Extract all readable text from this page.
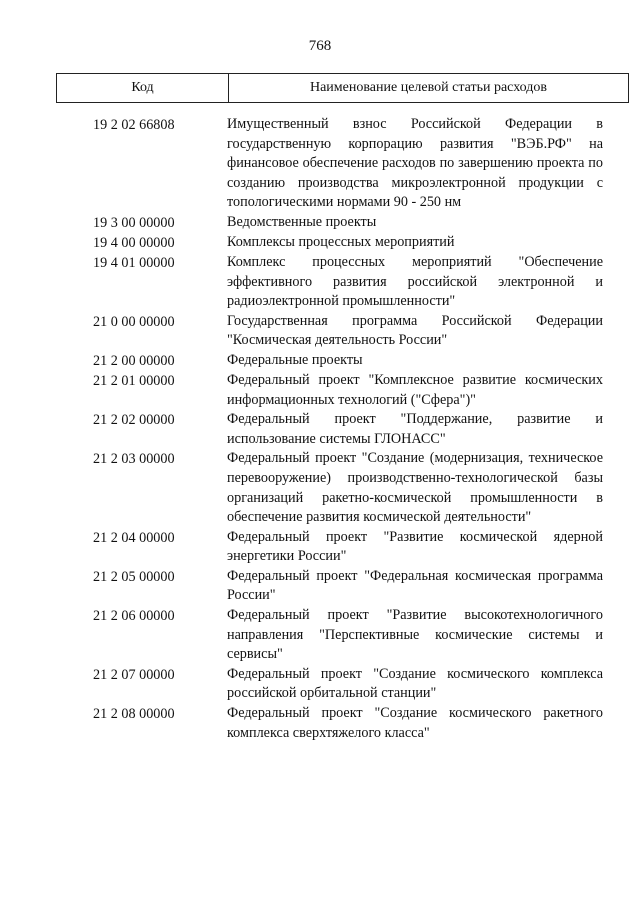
768
Код	Наименование целевой статьи расходов
19 2 02 66808	Имущественный взнос Российской Федерации в государственную корпорацию развития "ВЭБ.РФ" на финансовое обеспечение расходов по завершению проекта по созданию производства микроэлектронной продукции с топологическими нормами 90 - 250 нм
19 3 00 00000	Ведомственные проекты
19 4 00 00000	Комплексы процессных мероприятий
19 4 01 00000	Комплекс процессных мероприятий "Обеспечение эффективного развития российской электронной и радиоэлектронной промышленности"
21 0 00 00000	Государственная программа Российской Федерации "Космическая деятельность России"
21 2 00 00000	Федеральные проекты
21 2 01 00000	Федеральный проект "Комплексное развитие космических информационных технологий ("Сфера")"
21 2 02 00000	Федеральный проект "Поддержание, развитие и использование системы ГЛОНАСС"
21 2 03 00000	Федеральный проект "Создание (модернизация, техническое перевооружение) производственно-технологической базы организаций ракетно-космической промышленности в обеспечение развития космической деятельности"
21 2 04 00000	Федеральный проект "Развитие космической ядерной энергетики России"
21 2 05 00000	Федеральный проект "Федеральная космическая программа России"
21 2 06 00000	Федеральный проект "Развитие высокотехнологичного направления "Перспективные космические системы и сервисы"
21 2 07 00000	Федеральный проект "Создание космического комплекса российской орбитальной станции"
21 2 08 00000	Федеральный проект "Создание космического ракетного комплекса сверхтяжелого класса"
